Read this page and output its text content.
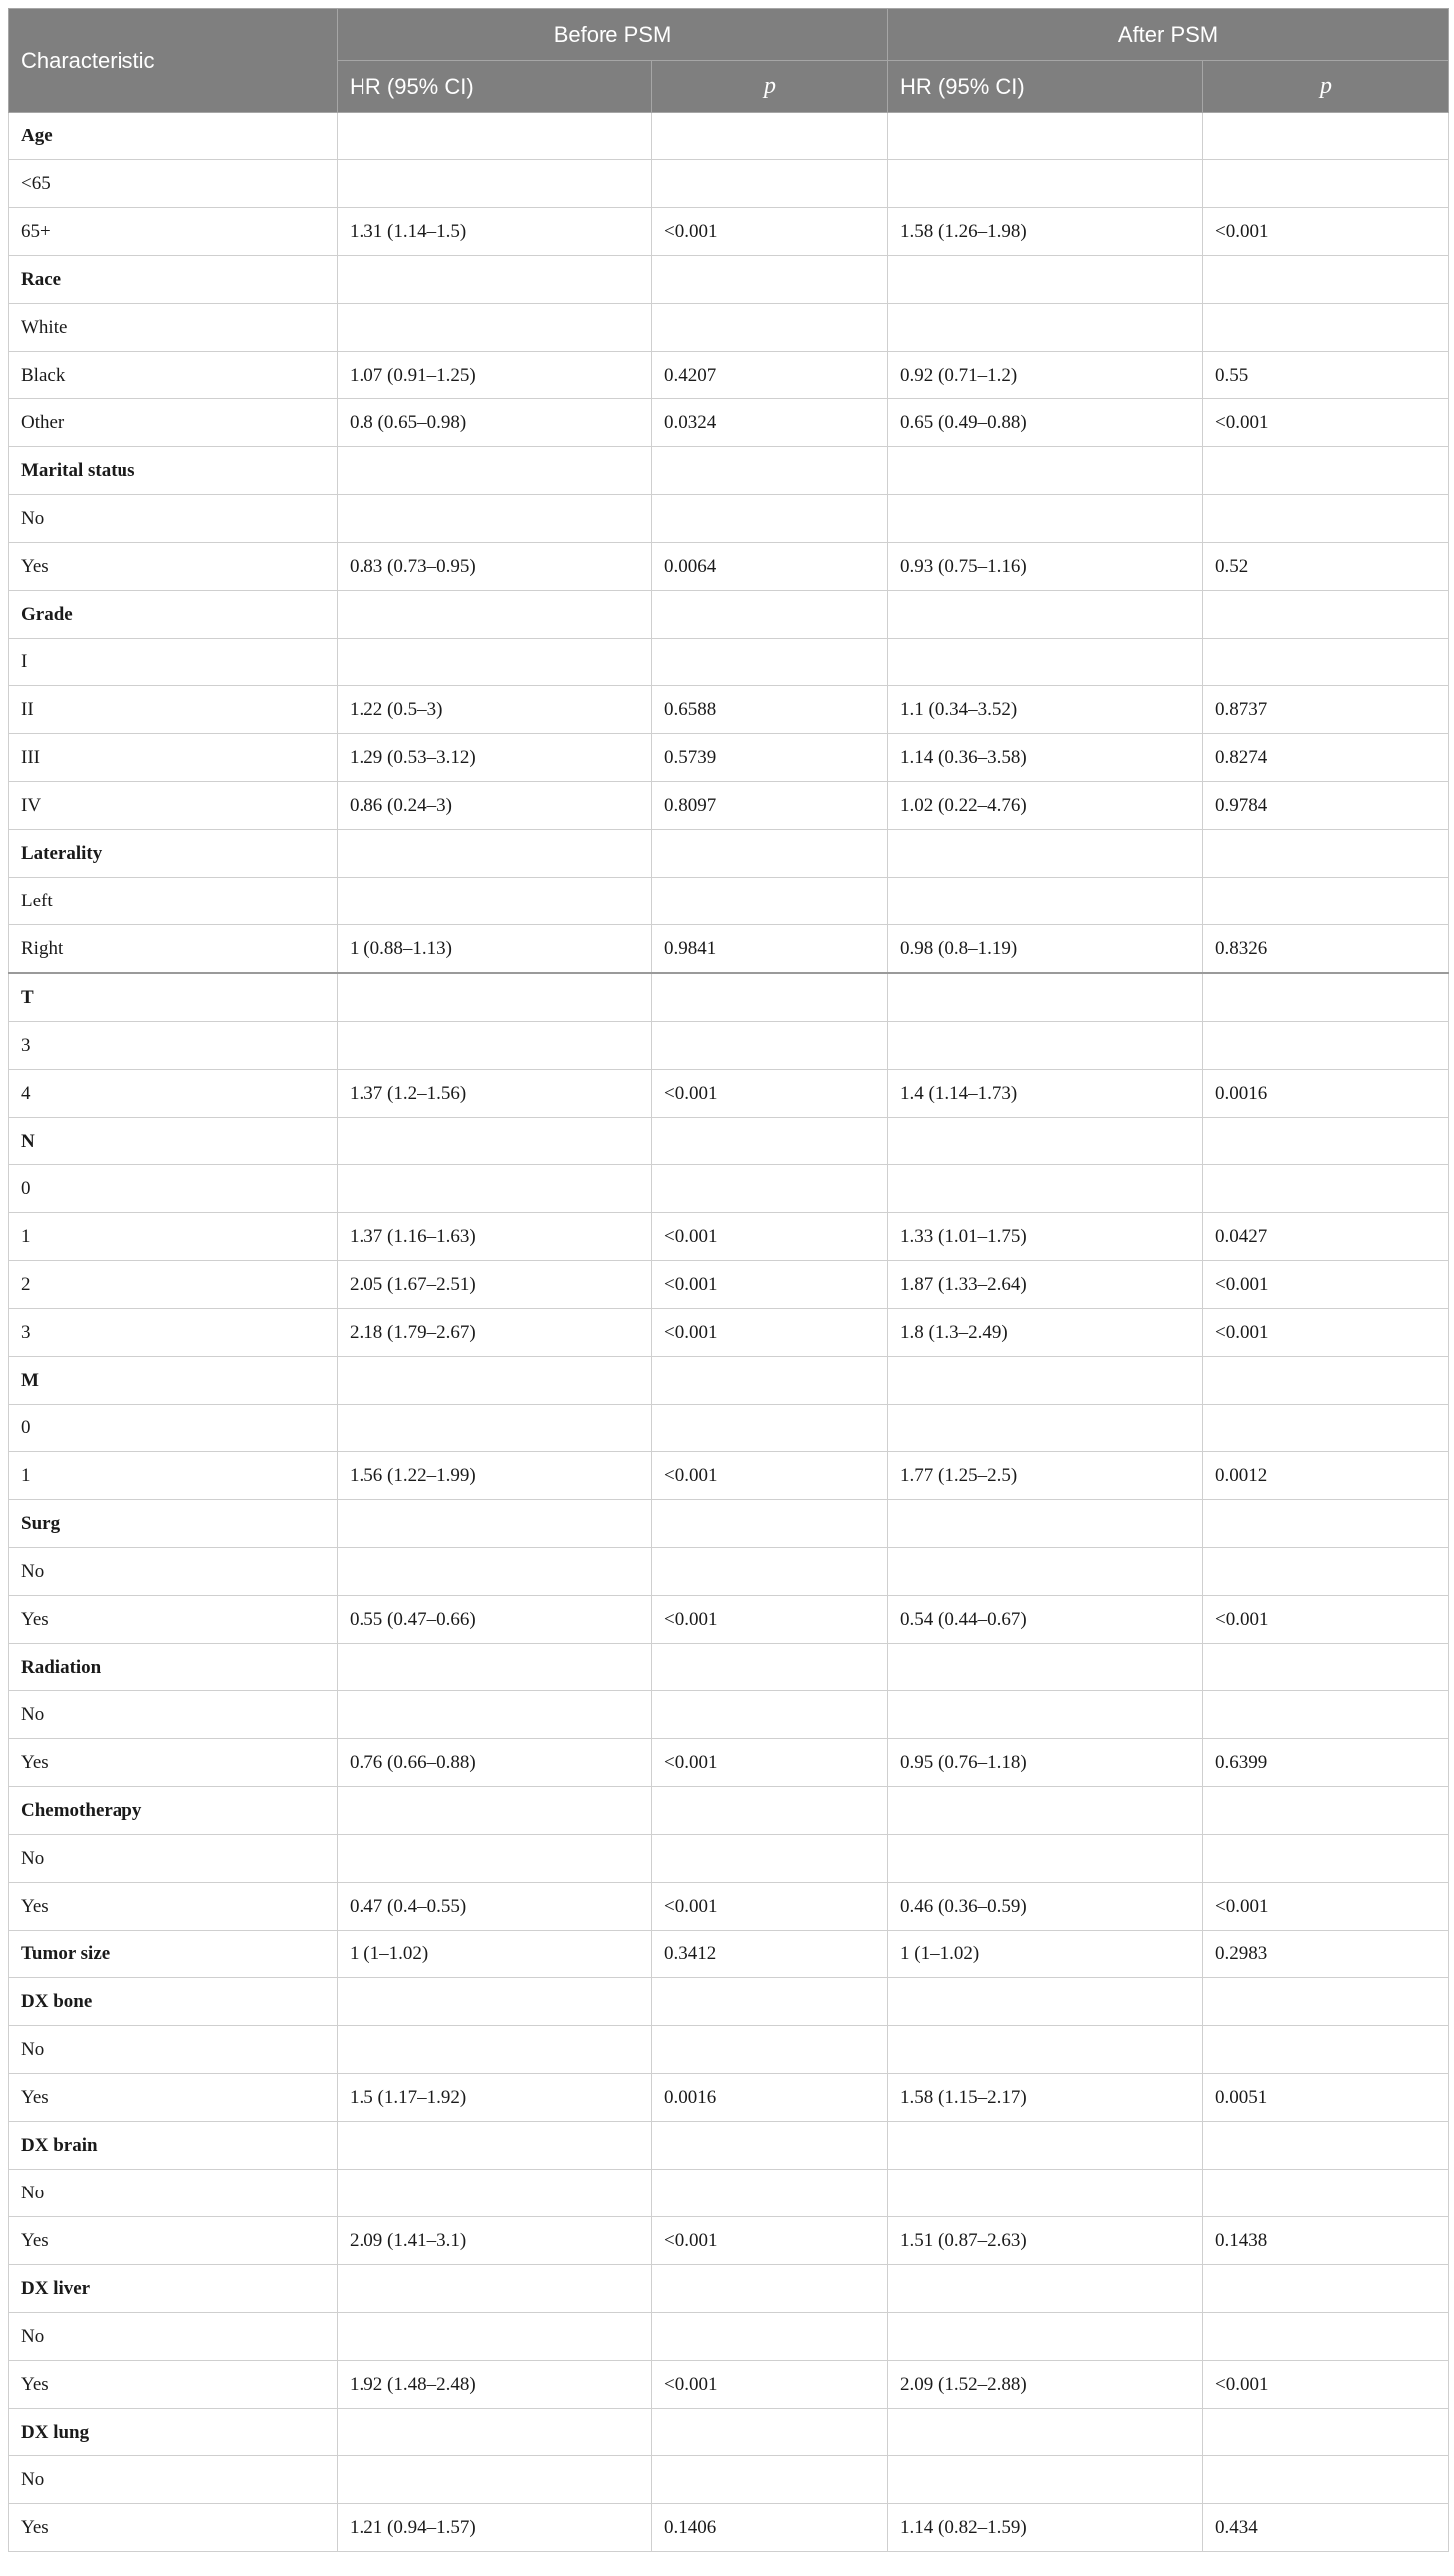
Characteristic	Before PSM		After PSM	
	HR (95% CI)	p	HR (95% CI)	p
Age				
<65				
65+	1.31 (1.14–1.5)	<0.001	1.58 (1.26–1.98)	<0.001
Race				
White				
Black	1.07 (0.91–1.25)	0.4207	0.92 (0.71–1.2)	0.55
Other	0.8 (0.65–0.98)	0.0324	0.65 (0.49–0.88)	<0.001
Marital status				
No				
Yes	0.83 (0.73–0.95)	0.0064	0.93 (0.75–1.16)	0.52
Grade				
I				
II	1.22 (0.5–3)	0.6588	1.1 (0.34–3.52)	0.8737
III	1.29 (0.53–3.12)	0.5739	1.14 (0.36–3.58)	0.8274
IV	0.86 (0.24–3)	0.8097	1.02 (0.22–4.76)	0.9784
Laterality				
Left				
Right	1 (0.88–1.13)	0.9841	0.98 (0.8–1.19)	0.8326
T				
3				
4	1.37 (1.2–1.56)	<0.001	1.4 (1.14–1.73)	0.0016
N				
0				
1	1.37 (1.16–1.63)	<0.001	1.33 (1.01–1.75)	0.0427
2	2.05 (1.67–2.51)	<0.001	1.87 (1.33–2.64)	<0.001
3	2.18 (1.79–2.67)	<0.001	1.8 (1.3–2.49)	<0.001
M				
0				
1	1.56 (1.22–1.99)	<0.001	1.77 (1.25–2.5)	0.0012
Surg				
No				
Yes	0.55 (0.47–0.66)	<0.001	0.54 (0.44–0.67)	<0.001
Radiation				
No				
Yes	0.76 (0.66–0.88)	<0.001	0.95 (0.76–1.18)	0.6399
Chemotherapy				
No				
Yes	0.47 (0.4–0.55)	<0.001	0.46 (0.36–0.59)	<0.001
Tumor size	1 (1–1.02)	0.3412	1 (1–1.02)	0.2983
DX bone				
No				
Yes	1.5 (1.17–1.92)	0.0016	1.58 (1.15–2.17)	0.0051
DX brain				
No				
Yes	2.09 (1.41–3.1)	<0.001	1.51 (0.87–2.63)	0.1438
DX liver				
No				
Yes	1.92 (1.48–2.48)	<0.001	2.09 (1.52–2.88)	<0.001
DX lung				
No				
Yes	1.21 (0.94–1.57)	0.1406	1.14 (0.82–1.59)	0.434
